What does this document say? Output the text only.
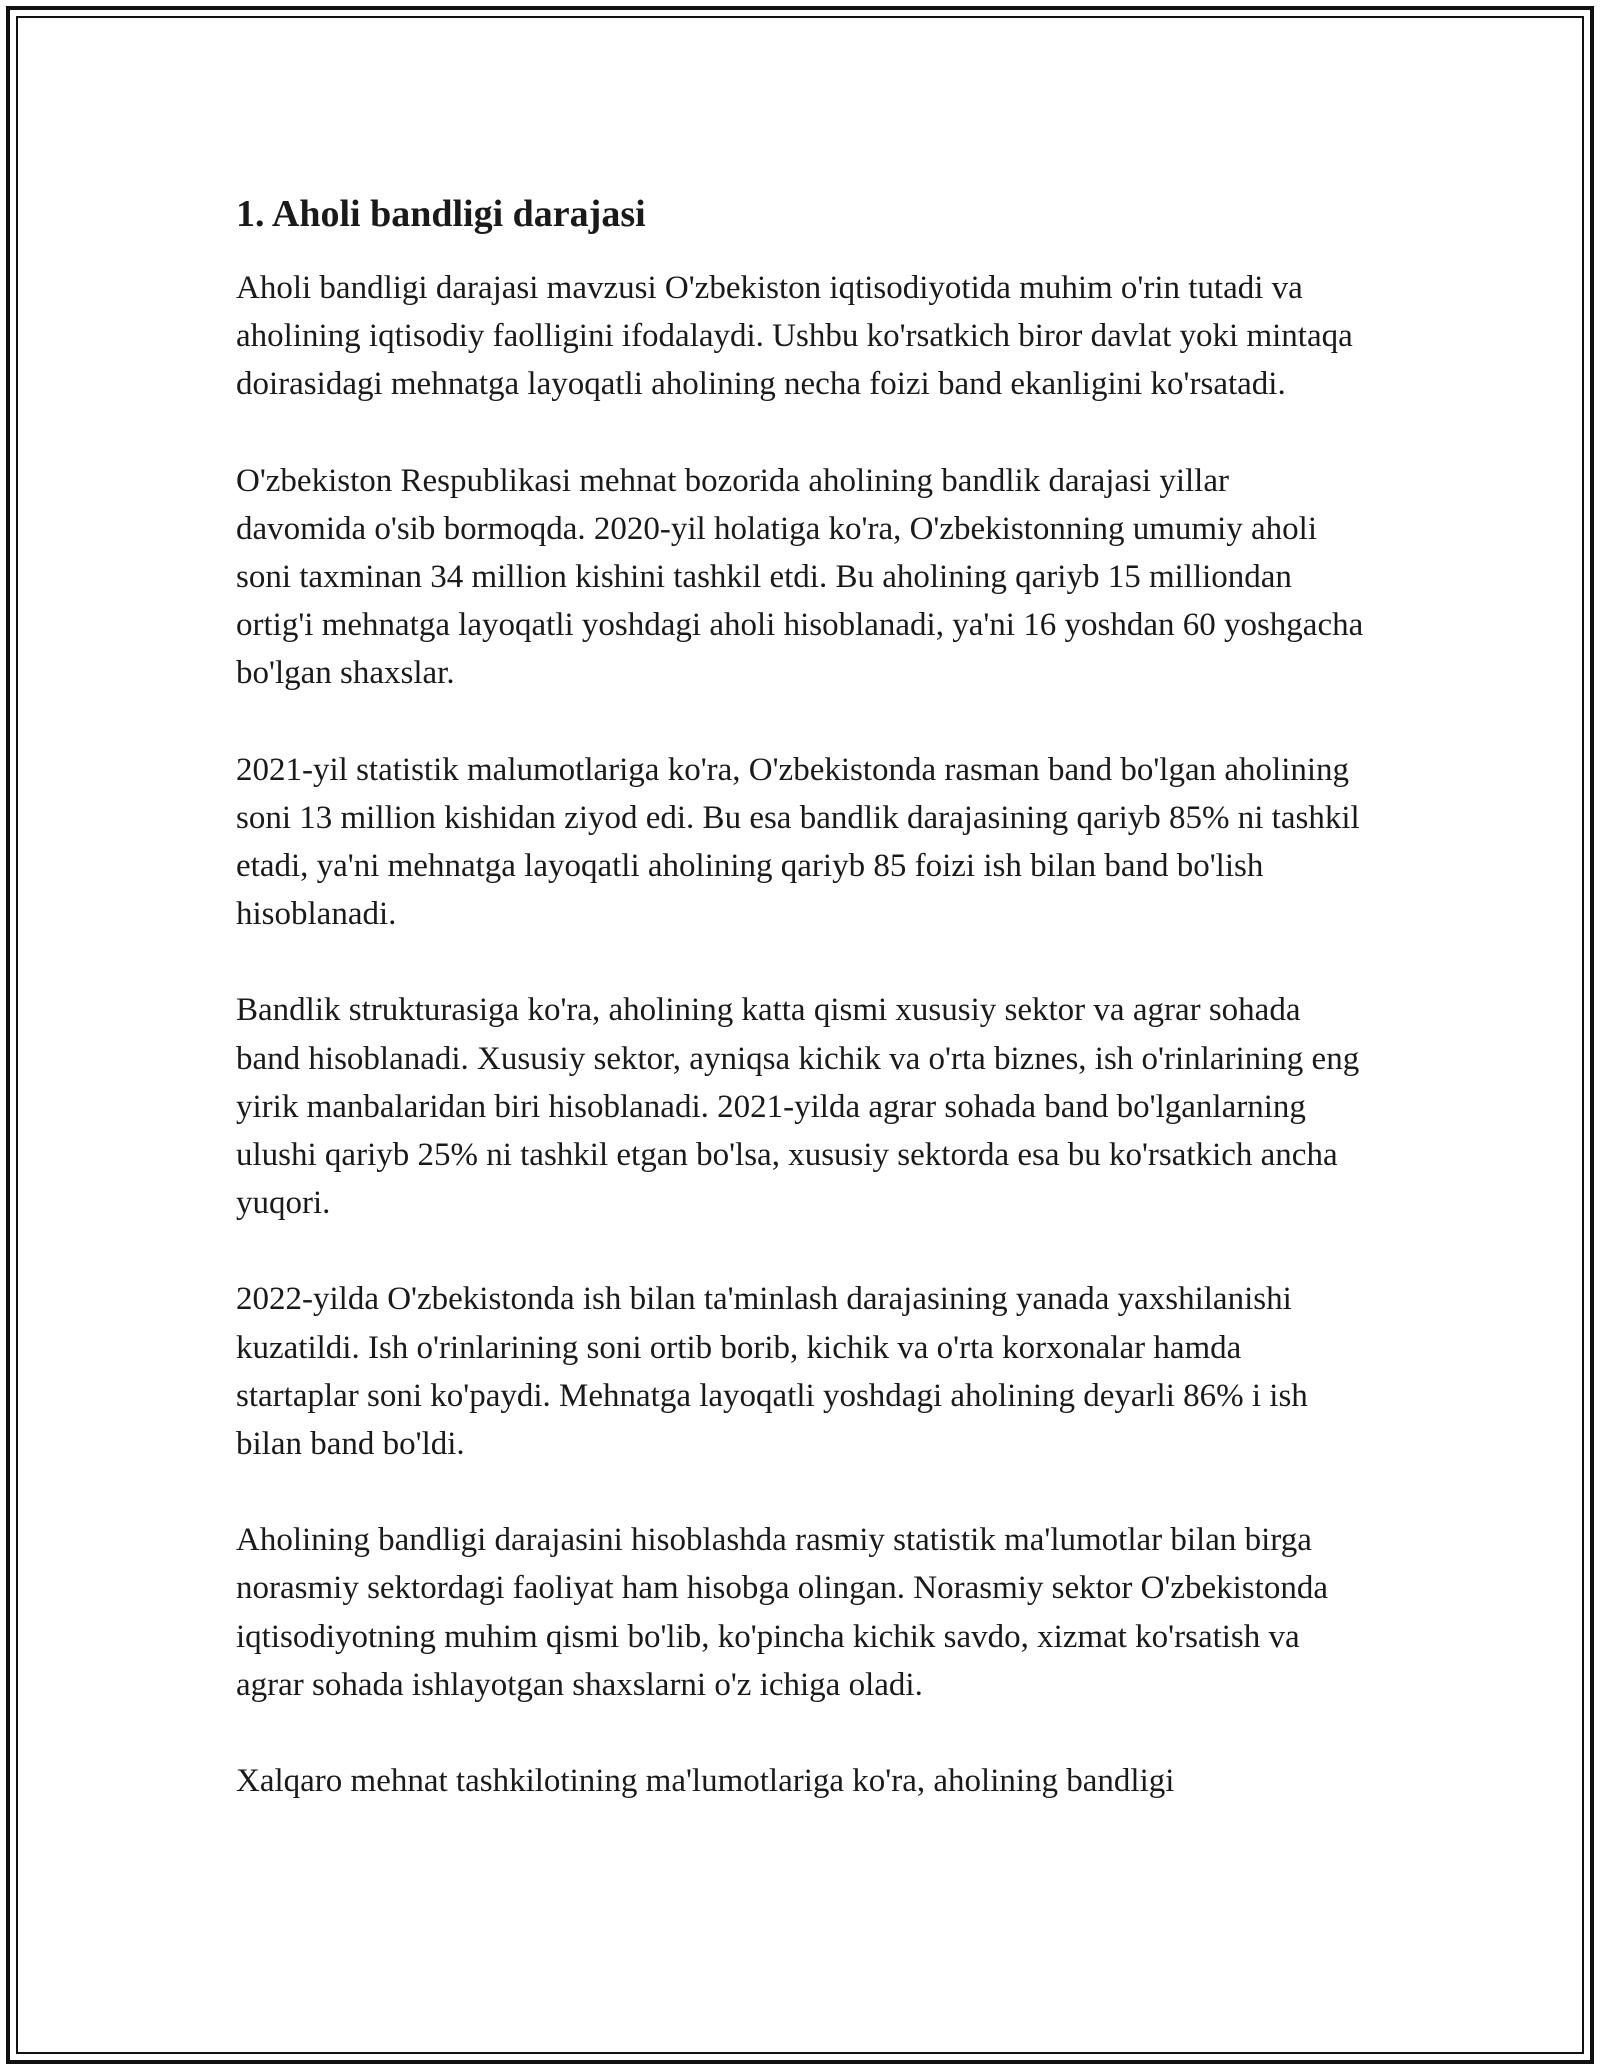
1. Aholi bandligi darajasi

Aholi bandligi darajasi mavzusi O'zbekiston iqtisodiyotida muhim o'rin tutadi va aholining iqtisodiy faolligini ifodalaydi. Ushbu ko'rsatkich biror davlat yoki mintaqa doirasidagi mehnatga layoqatli aholining necha foizi band ekanligini ko'rsatadi.

O'zbekiston Respublikasi mehnat bozorida aholining bandlik darajasi yillar davomida o'sib bormoqda. 2020-yil holatiga ko'ra, O'zbekistonning umumiy aholi soni taxminan 34 million kishini tashkil etdi. Bu aholining qariyb 15 milliondan ortig'i mehnatga layoqatli yoshdagi aholi hisoblanadi, ya'ni 16 yoshdan 60 yoshgacha bo'lgan shaxslar.

2021-yil statistik malumotlariga ko'ra, O'zbekistonda rasman band bo'lgan aholining soni 13 million kishidan ziyod edi. Bu esa bandlik darajasining qariyb 85% ni tashkil etadi, ya'ni mehnatga layoqatli aholining qariyb 85 foizi ish bilan band bo'lish hisoblanadi.

Bandlik strukturasiga ko'ra, aholining katta qismi xususiy sektor va agrar sohada band hisoblanadi. Xususiy sektor, ayniqsa kichik va o'rta biznes, ish o'rinlarining eng yirik manbalaridan biri hisoblanadi. 2021-yilda agrar sohada band bo'lganlarning ulushi qariyb 25% ni tashkil etgan bo'lsa, xususiy sektorda esa bu ko'rsatkich ancha yuqori.

2022-yilda O'zbekistonda ish bilan ta'minlash darajasining yanada yaxshilanishi kuzatildi. Ish o'rinlarining soni ortib borib, kichik va o'rta korxonalar hamda startaplar soni ko'paydi. Mehnatga layoqatli yoshdagi aholining deyarli 86% i ish bilan band bo'ldi.

Aholining bandligi darajasini hisoblashda rasmiy statistik ma'lumotlar bilan birga norasmiy sektordagi faoliyat ham hisobga olingan. Norasmiy sektor O'zbekistonda iqtisodiyotning muhim qismi bo'lib, ko'pincha kichik savdo, xizmat ko'rsatish va agrar sohada ishlayotgan shaxslarni o'z ichiga oladi.

Xalqaro mehnat tashkilotining ma'lumotlariga ko'ra, aholining bandligi
